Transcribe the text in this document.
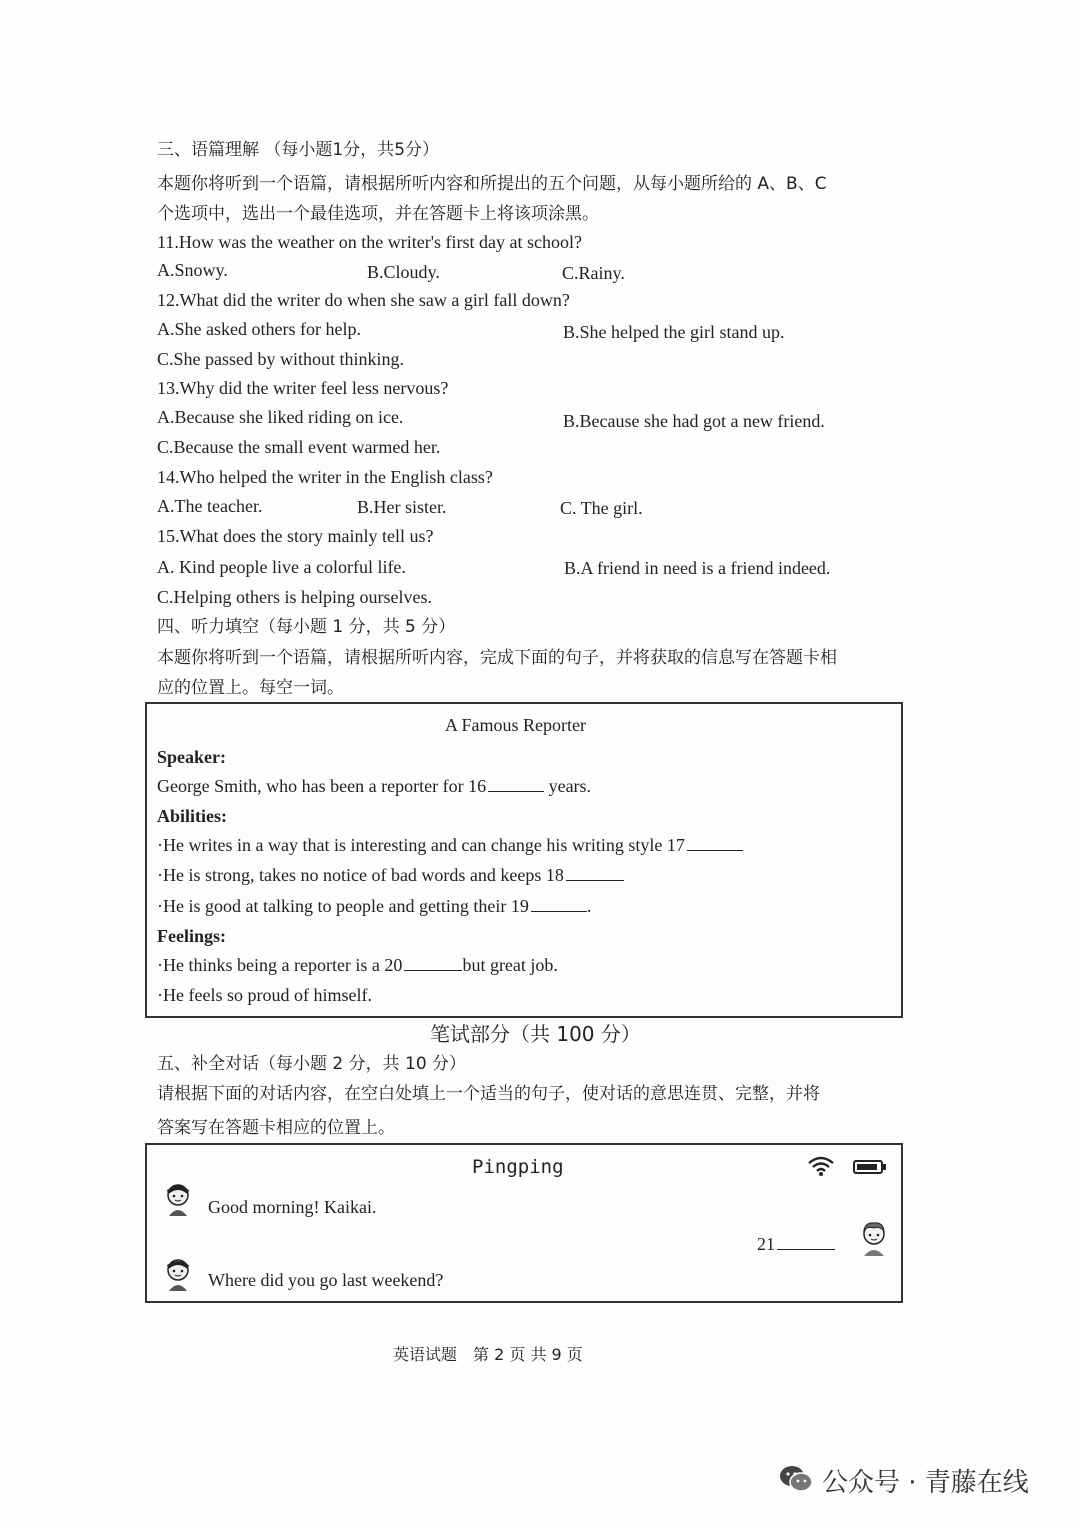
三、语篇理解 （每小题1分，共5分）
本题你将听到一个语篇，请根据所听内容和所提出的五个问题，从每小题所给的 A、B、C
个选项中，选出一个最佳选项，并在答题卡上将该项涂黑。
11.How was the weather on the writer's first day at school?
A.Snowy.	B.Cloudy.	C.Rainy.
12.What did the writer do when she saw a girl fall down?
A.She asked others for help.	B.She helped the girl stand up.
C.She passed by without thinking.
13.Why did the writer feel less nervous?
A.Because she liked riding on ice.	B.Because she had got a new friend.
C.Because the small event warmed her.
14.Who helped the writer in the English class?
A.The teacher.	B.Her sister.	C. The girl.
15.What does the story mainly tell us?
A. Kind people live a colorful life.	B.A friend in need is a friend indeed.
C.Helping others is helping ourselves.
四、听力填空（每小题 1 分，共 5 分）
本题你将听到一个语篇，请根据所听内容，完成下面的句子，并将获取的信息写在答题卡相
应的位置上。每空一词。
A Famous Reporter
Speaker:
George Smith, who has been a reporter for 16	years.
Abilities:
·He writes in a way that is interesting and can change his writing style 17
·He is strong, takes no notice of bad words and keeps 18
·He is good at talking to people and getting their 19	.
Feelings:
·He thinks being a reporter is a 20	but great job.
·He feels so proud of himself.
笔试部分（共 100 分）
五、补全对话（每小题 2 分，共 10 分）
请根据下面的对话内容，在空白处填上一个适当的句子，使对话的意思连贯、完整，并将
答案写在答题卡相应的位置上。
Pingping
Good morning! Kaikai.
21
Where did you go last weekend?
英语试题　第 2 页 共 9 页
公众号 · 青藤在线
